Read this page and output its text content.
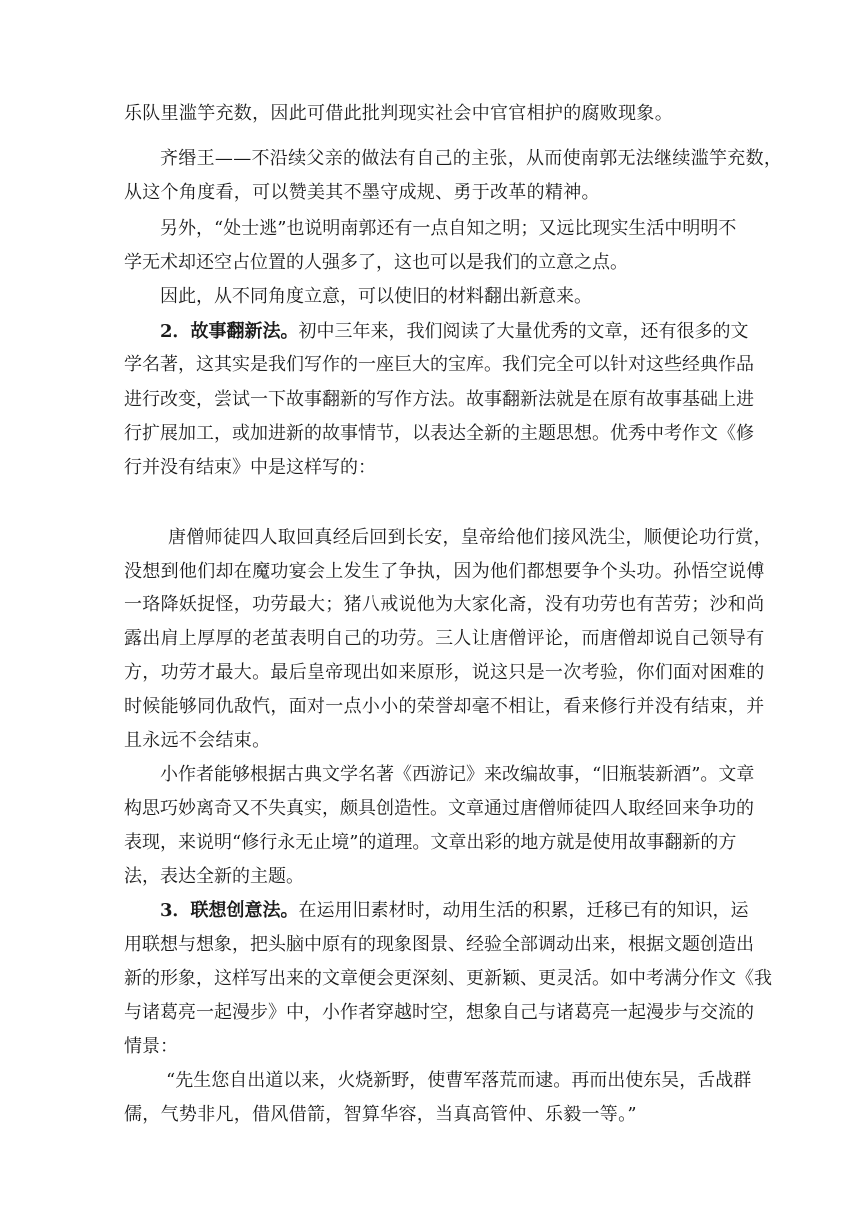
乐队里滥竽充数，因此可借此批判现实社会中官官相护的腐败现象。
齐缗王——不沿续父亲的做法有自己的主张，从而使南郭无法继续滥竽充数，
从这个角度看，可以赞美其不墨守成规、勇于改革的精神。
另外，“处士逃”也说明南郭还有一点自知之明；又远比现实生活中明明不
学无术却还空占位置的人强多了，这也可以是我们的立意之点。
因此，从不同角度立意，可以使旧的材料翻出新意来。
2．故事翻新法。初中三年来，我们阅读了大量优秀的文章，还有很多的文
学名著，这其实是我们写作的一座巨大的宝库。我们完全可以针对这些经典作品
进行改变，尝试一下故事翻新的写作方法。故事翻新法就是在原有故事基础上进
行扩展加工，或加进新的故事情节，以表达全新的主题思想。优秀中考作文《修
行并没有结束》中是这样写的：
唐僧师徒四人取回真经后回到长安，皇帝给他们接风洗尘，顺便论功行赏，
没想到他们却在魔功宴会上发生了争执，因为他们都想要争个头功。孙悟空说傅
一珞降妖捉怪，功劳最大；猪八戒说他为大家化斋，没有功劳也有苦劳；沙和尚
露出肩上厚厚的老茧表明自己的功劳。三人让唐僧评论，而唐僧却说自己领导有
方，功劳才最大。最后皇帝现出如来原形，说这只是一次考验，你们面对困难的
时候能够同仇敌忾，面对一点小小的荣誉却毫不相让，看来修行并没有结束，并
且永远不会结束。
小作者能够根据古典文学名著《西游记》来改编故事，“旧瓶装新酒”。文章
构思巧妙离奇又不失真实，颇具创造性。文章通过唐僧师徒四人取经回来争功的
表现，来说明“修行永无止境”的道理。文章出彩的地方就是使用故事翻新的方
法，表达全新的主题。
3．联想创意法。在运用旧素材时，动用生活的积累，迁移已有的知识，运
用联想与想象，把头脑中原有的现象图景、经验全部调动出来，根据文题创造出
新的形象，这样写出来的文章便会更深刻、更新颖、更灵活。如中考满分作文《我
与诸葛亮一起漫步》中，小作者穿越时空，想象自己与诸葛亮一起漫步与交流的
情景：
“先生您自出道以来，火烧新野，使曹军落荒而逮。再而出使东吴，舌战群
儒，气势非凡，借风借箭，智算华容，当真高管仲、乐毅一等。”
